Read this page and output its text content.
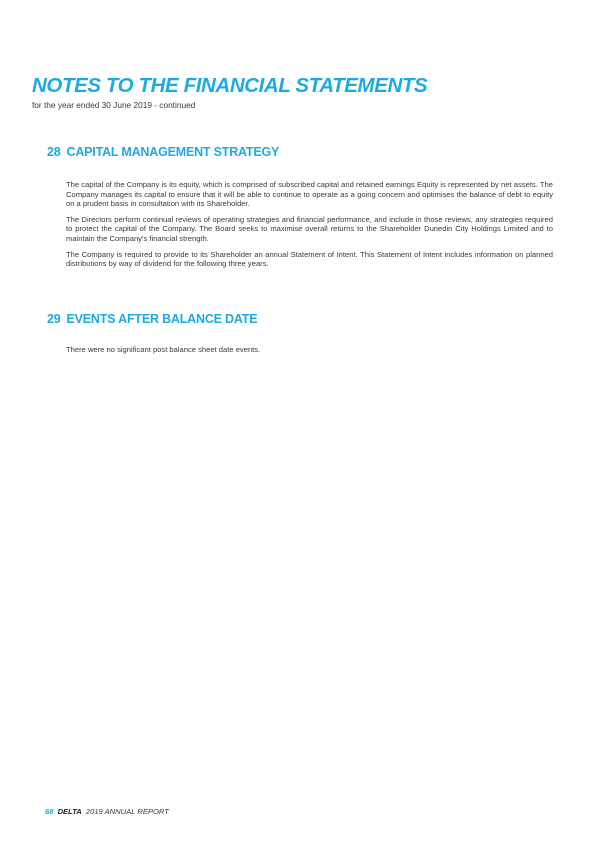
NOTES TO THE FINANCIAL STATEMENTS

for the year ended 30 June 2019 - continued

28 CAPITAL MANAGEMENT STRATEGY

The capital of the Company is its equity, which is comprised of subscribed capital and retained earnings Equity is represented by net assets. The Company manages its capital to ensure that it will be able to continue to operate as a going concern and optimises the balance of debt to equity on a prudent basis in consultation with its Shareholder.

The Directors perform continual reviews of operating strategies and financial performance, and include in those reviews, any strategies required to protect the capital of the Company. The Board seeks to maximise overall returns to the Shareholder Dunedin City Holdings Limited and to maintain the Company's financial strength.

The Company is required to provide to its Shareholder an annual Statement of Intent. This Statement of Intent includes information on planned distributions by way of dividend for the following three years.

29 EVENTS AFTER BALANCE DATE

There were no significant post balance sheet date events.

68 DELTA 2019 ANNUAL REPORT
